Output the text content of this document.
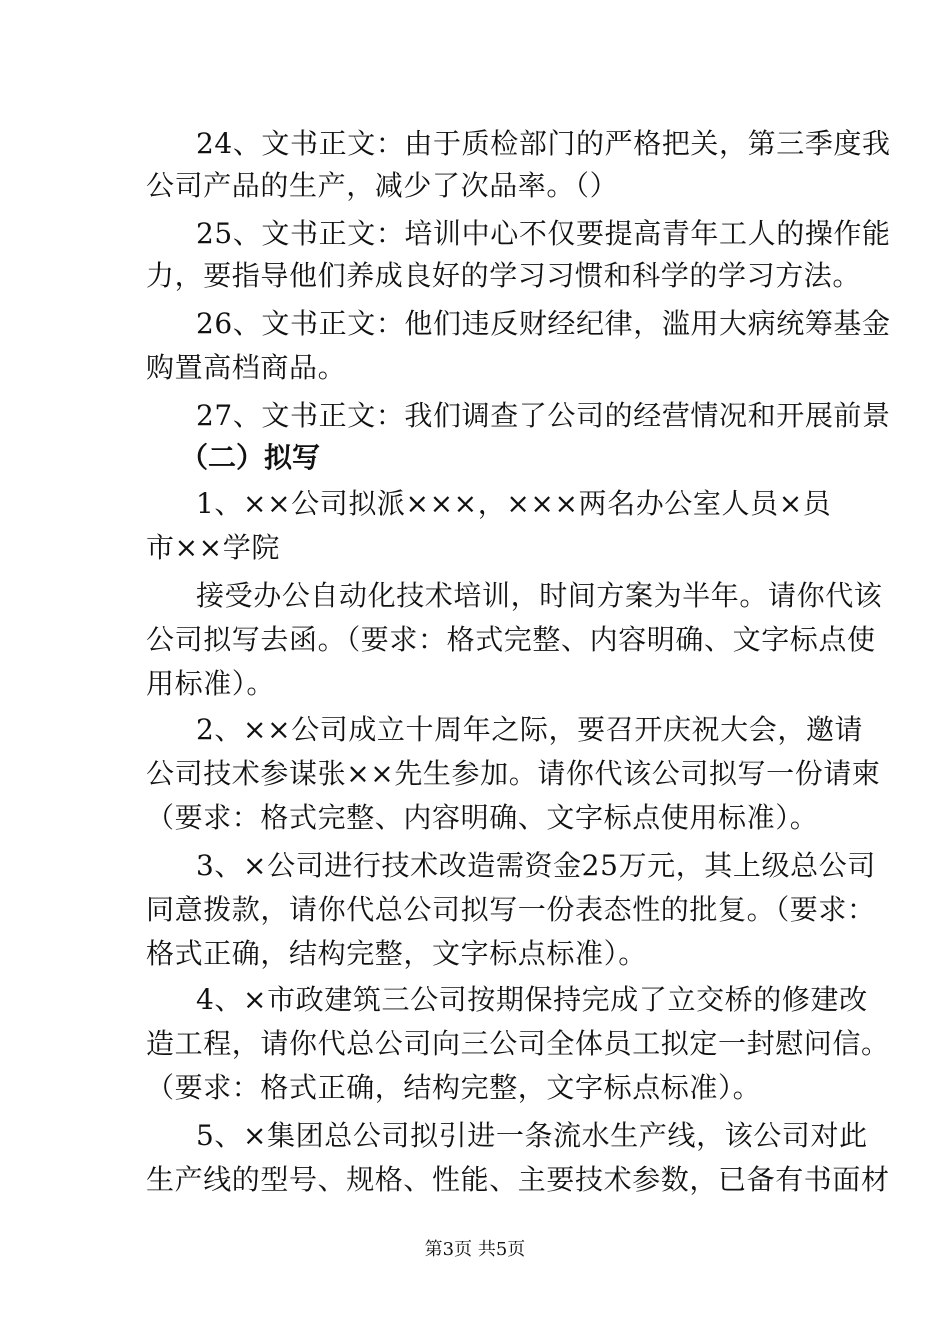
24、文书正文：由于质检部门的严格把关，第三季度我
公司产品的生产，减少了次品率。（）
25、文书正文：培训中心不仅要提高青年工人的操作能
力，要指导他们养成良好的学习习惯和科学的学习方法。
26、文书正文：他们违反财经纪律，滥用大病统筹基金
购置高档商品。
27、文书正文：我们调查了公司的经营情况和开展前景
（二）拟写
1、××公司拟派×××，×××两名办公室人员×员
市××学院
接受办公自动化技术培训，时间方案为半年。请你代该
公司拟写去函。（要求：格式完整、内容明确、文字标点使
用标准）。
2、××公司成立十周年之际，要召开庆祝大会，邀请
公司技术参谋张××先生参加。请你代该公司拟写一份请柬
（要求：格式完整、内容明确、文字标点使用标准）。
3、×公司进行技术改造需资金25万元，其上级总公司
同意拨款，请你代总公司拟写一份表态性的批复。（要求：
格式正确，结构完整，文字标点标准）。
4、×市政建筑三公司按期保持完成了立交桥的修建改
造工程，请你代总公司向三公司全体员工拟定一封慰问信。
（要求：格式正确，结构完整，文字标点标准）。
5、×集团总公司拟引进一条流水生产线，该公司对此
生产线的型号、规格、性能、主要技术参数，已备有书面材
第3页 共5页
